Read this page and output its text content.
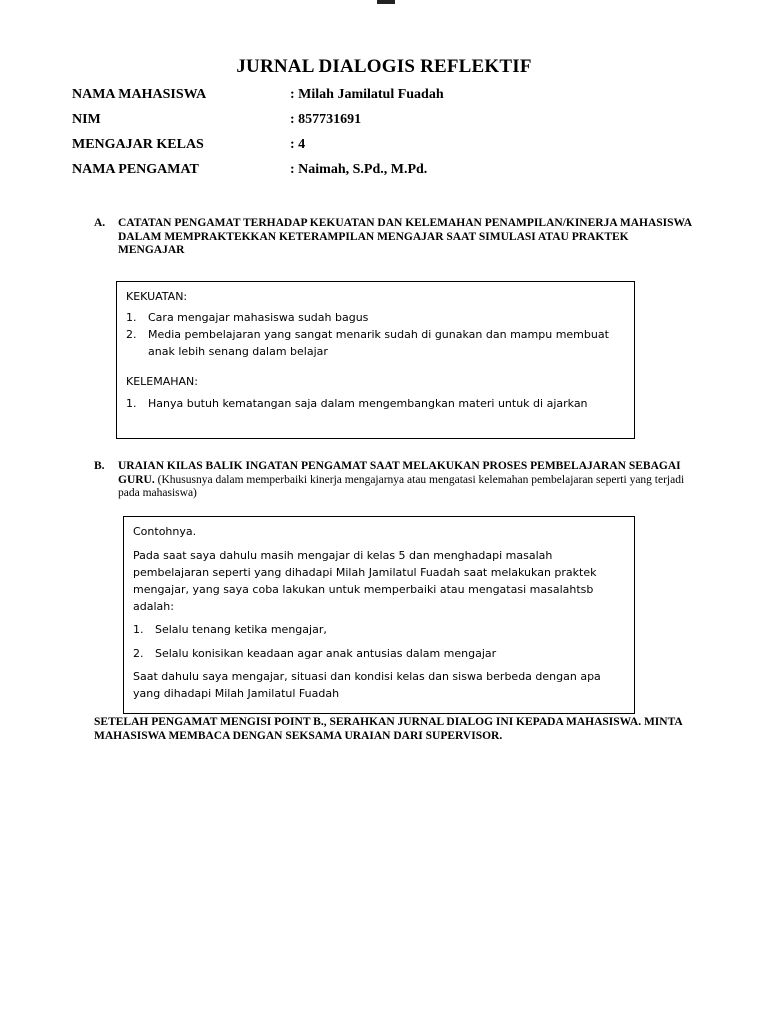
JURNAL DIALOGIS REFLEKTIF
NAMA MAHASISWA	: Milah Jamilatul Fuadah
NIM	: 857731691
MENGAJAR KELAS	: 4
NAMA PENGAMAT	: Naimah, S.Pd., M.Pd.
A. CATATAN PENGAMAT TERHADAP KEKUATAN DAN KELEMAHAN PENAMPILAN/KINERJA MAHASISWA DALAM MEMPRAKTEKKAN KETERAMPILAN MENGAJAR SAAT SIMULASI ATAU PRAKTEK MENGAJAR

KEKUATAN:

1. Cara mengajar mahasiswa sudah bagus
2. Media pembelajaran yang sangat menarik sudah di gunakan dan mampu membuat anak lebih senang dalam belajar

KELEMAHAN:

1. Hanya butuh kematangan saja dalam mengembangkan materi untuk di ajarkan
B. URAIAN KILAS BALIK INGATAN PENGAMAT SAAT MELAKUKAN PROSES PEMBELAJARAN SEBAGAI GURU. (Khususnya dalam memperbaiki kinerja mengajarnya atau mengatasi kelemahan pembelajaran seperti yang terjadi pada mahasiswa)

Contohnya.

Pada saat saya dahulu masih mengajar di kelas 5 dan menghadapi masalah pembelajaran seperti yang dihadapi Milah Jamilatul Fuadah saat melakukan praktek mengajar, yang saya coba lakukan untuk memperbaiki atau mengatasi masalahtsb adalah:

1. Selalu tenang ketika mengajar,
2. Selalu konisikan keadaan agar anak antusias dalam mengajar

Saat dahulu saya mengajar, situasi dan kondisi kelas dan siswa berbeda dengan apa yang dihadapi Milah Jamilatul Fuadah

SETELAH PENGAMAT MENGISI POINT B., SERAHKAN JURNAL DIALOG INI KEPADA MAHASISWA. MINTA MAHASISWA MEMBACA DENGAN SEKSAMA URAIAN DARI SUPERVISOR.
